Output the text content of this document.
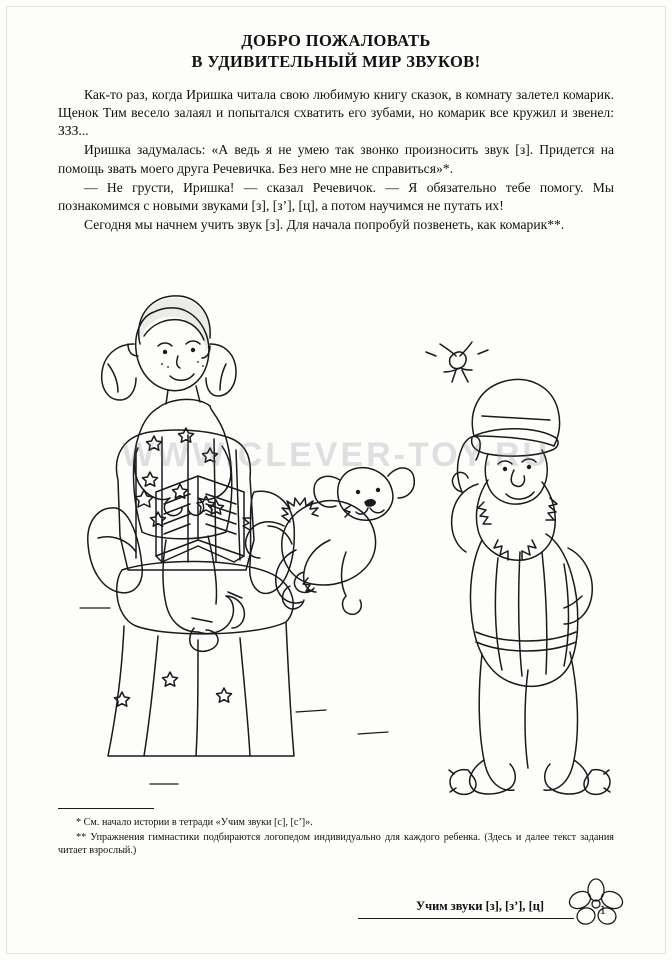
ДОБРО ПОЖАЛОВАТЬ
В УДИВИТЕЛЬНЫЙ МИР ЗВУКОВ!

Как-то раз, когда Иришка читала свою любимую книгу сказок, в комнату залетел комарик. Щенок Тим весело залаял и попытался схватить его зубами, но комарик все кружил и звенел: ЗЗЗ...

Иришка задумалась: «А ведь я не умею так звонко произносить звук [з]. Придется на помощь звать моего друга Речевичка. Без него мне не справиться»*.

— Не грусти, Иришка! — сказал Речевичок. — Я обязательно тебе помогу. Мы познакомимся с новыми звуками [з], [з’], [ц], а потом научимся не путать их!

Сегодня мы начнем учить звук [з]. Для начала попробуй позвенеть, как комарик**.

WWW.CLEVER-TOY.RU

* См. начало истории в тетради «Учим звуки [с], [с’]».

** Упражнения гимнастики подбираются логопедом индивидуально для каждого ребенка. (Здесь и далее текст задания читает взрослый.)

Учим звуки [з], [з’], [ц]	1
